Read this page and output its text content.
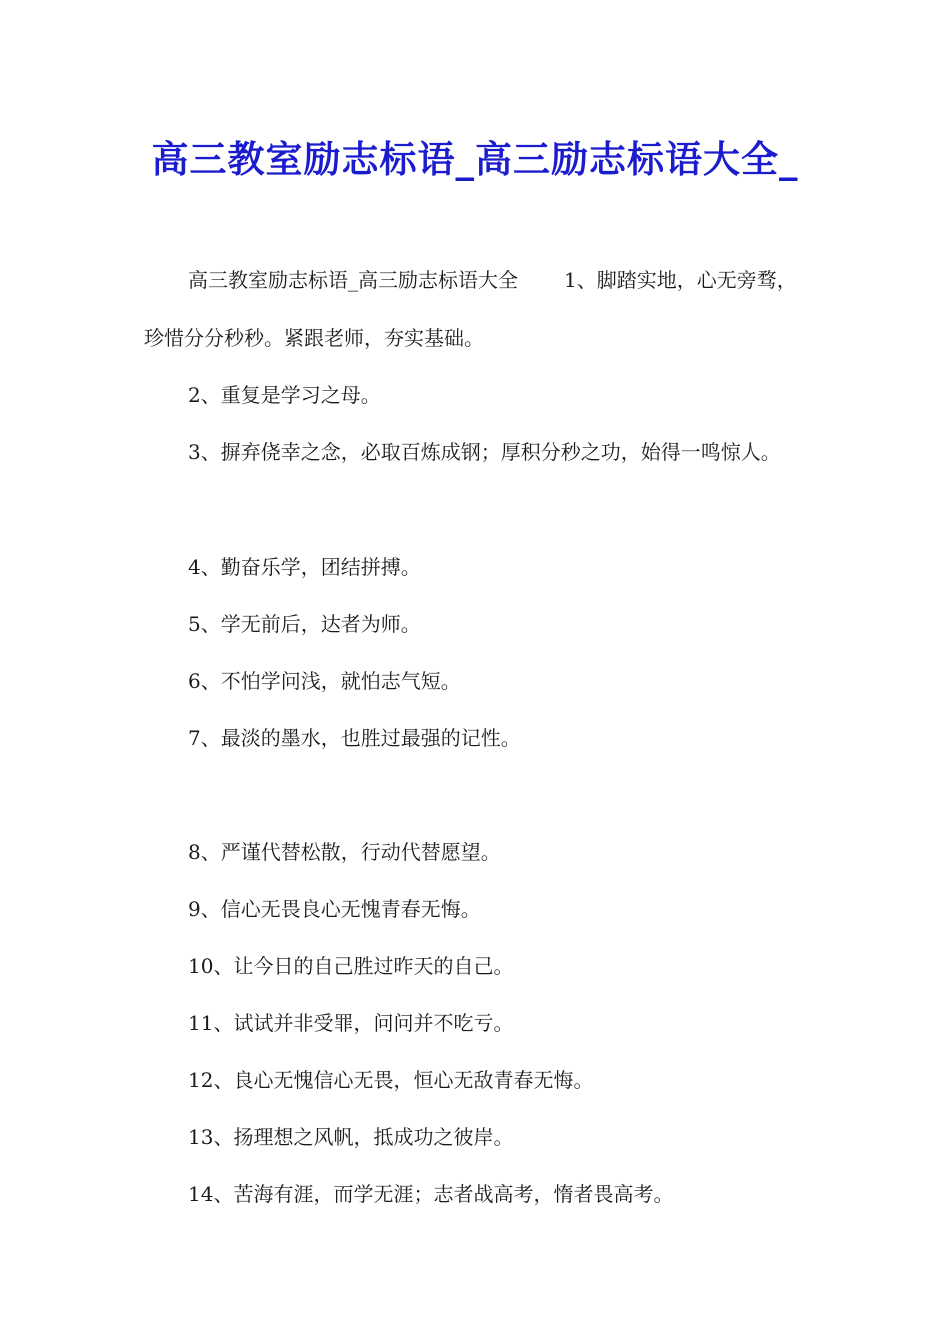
高三教室励志标语_高三励志标语大全_

高三教室励志标语_高三励志标语大全 1、脚踏实地，心无旁骛，珍惜分分秒秒。紧跟老师，夯实基础。

2、重复是学习之母。

3、摒弃侥幸之念，必取百炼成钢；厚积分秒之功，始得一鸣惊人。

4、勤奋乐学，团结拼搏。

5、学无前后，达者为师。

6、不怕学问浅，就怕志气短。

7、最淡的墨水，也胜过最强的记性。

8、严谨代替松散，行动代替愿望。

9、信心无畏良心无愧青春无悔。

10、让今日的自己胜过昨天的自己。

11、试试并非受罪，问问并不吃亏。

12、良心无愧信心无畏，恒心无敌青春无悔。

13、扬理想之风帆，抵成功之彼岸。

14、苦海有涯，而学无涯；志者战高考，惰者畏高考。
